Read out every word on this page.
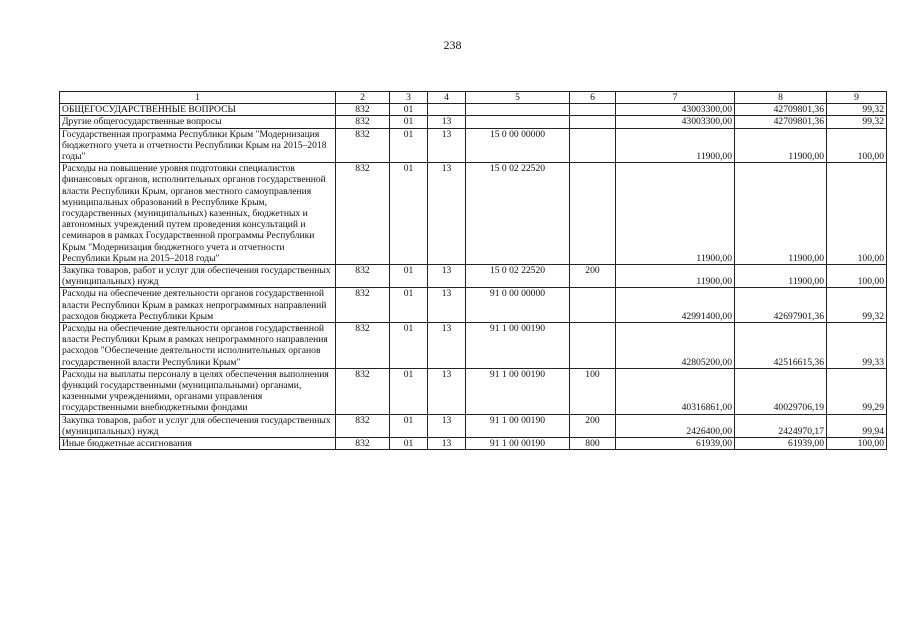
238
1	2	3	4	5	6	7	8	9
ОБЩЕГОСУДАРСТВЕННЫЕ ВОПРОСЫ	832	01				43003300,00	42709801,36	99,32
Другие общегосударственные вопросы	832	01	13			43003300,00	42709801,36	99,32
Государственная программа Республики Крым "Модернизация бюджетного учета и отчетности Республики Крым на 2015–2018 годы"	832	01	13	15 0 00 00000		11900,00	11900,00	100,00
Расходы на повышение уровня подготовки специалистов финансовых органов, исполнительных органов государственной власти Республики Крым, органов местного самоуправления муниципальных образований в Республике Крым, государственных (муниципальных) казенных, бюджетных и автономных учреждений путем проведения консультаций и семинаров в рамках Государственной программы Республики Крым "Модернизация бюджетного учета и отчетности Республики Крым на 2015–2018 годы"	832	01	13	15 0 02 22520		11900,00	11900,00	100,00
Закупка товаров, работ и услуг для обеспечения государственных (муниципальных) нужд	832	01	13	15 0 02 22520	200	11900,00	11900,00	100,00
Расходы на обеспечение деятельности органов государственной власти Республики Крым в рамках непрограммных направлений расходов бюджета Республики Крым	832	01	13	91 0 00 00000		42991400,00	42697901,36	99,32
Расходы на обеспечение деятельности органов государственной власти Республики Крым в рамках непрограммного направления расходов "Обеспечение деятельности исполнительных органов государственной власти Республики Крым"	832	01	13	91 1 00 00190		42805200,00	42516615,36	99,33
Расходы на выплаты персоналу в целях обеспечения выполнения функций государственными (муниципальными) органами, казенными учреждениями, органами управления государственными внебюджетными фондами	832	01	13	91 1 00 00190	100	40316861,00	40029706,19	99,29
Закупка товаров, работ и услуг для обеспечения государственных (муниципальных) нужд	832	01	13	91 1 00 00190	200	2426400,00	2424970,17	99,94
Иные бюджетные ассигнования	832	01	13	91 1 00 00190	800	61939,00	61939,00	100,00
